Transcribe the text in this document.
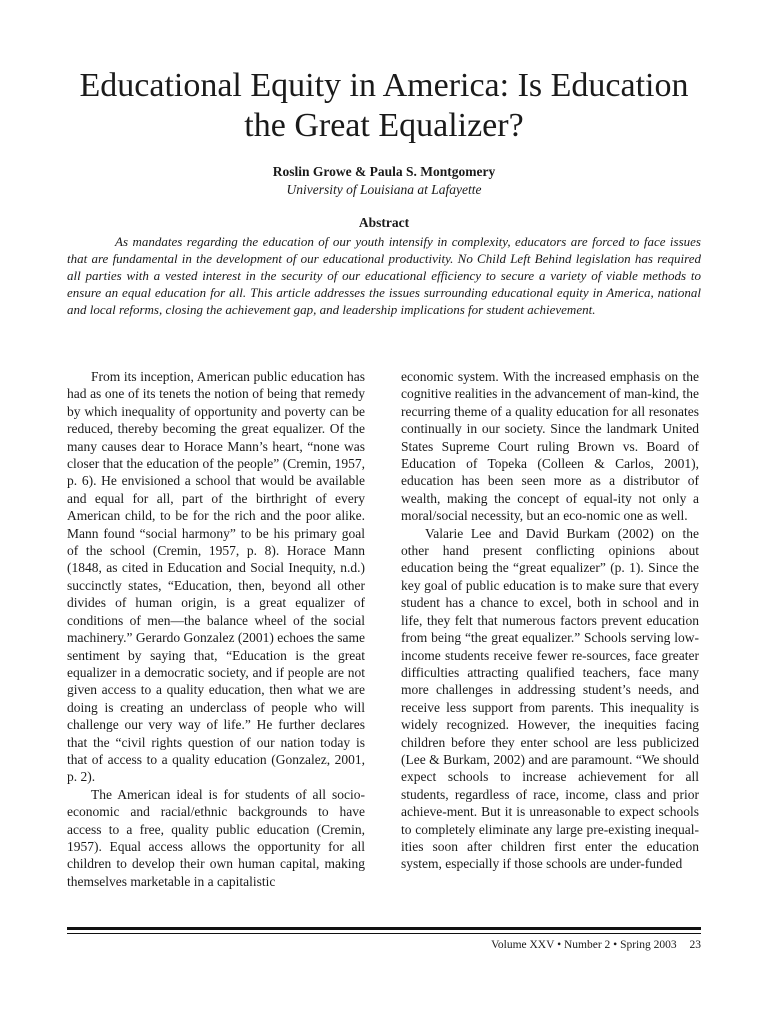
Educational Equity in America: Is Education the Great Equalizer?
Roslin Growe & Paula S. Montgomery
University of Louisiana at Lafayette
Abstract

As mandates regarding the education of our youth intensify in complexity, educators are forced to face issues that are fundamental in the development of our educational productivity. No Child Left Behind legislation has required all parties with a vested interest in the security of our educational efficiency to secure a variety of viable methods to ensure an equal education for all. This article addresses the issues surrounding educational equity in America, national and local reforms, closing the achievement gap, and leadership implications for student achievement.

From its inception, American public education has had as one of its tenets the notion of being that remedy by which inequality of opportunity and poverty can be reduced, thereby becoming the great equalizer. Of the many causes dear to Horace Mann’s heart, “none was closer that the education of the people” (Cremin, 1957, p. 6). He envisioned a school that would be available and equal for all, part of the birthright of every American child, to be for the rich and the poor alike. Mann found “social harmony” to be his primary goal of the school (Cremin, 1957, p. 8). Horace Mann (1848, as cited in Education and Social Inequity, n.d.) succinctly states, “Education, then, beyond all other divides of human origin, is a great equalizer of conditions of men—the balance wheel of the social machinery.” Gerardo Gonzalez (2001) echoes the same sentiment by saying that, “Education is the great equalizer in a democratic society, and if people are not given access to a quality education, then what we are doing is creating an underclass of people who will challenge our very way of life.” He further declares that the “civil rights question of our nation today is that of access to a quality education (Gonzalez, 2001, p. 2).

The American ideal is for students of all socio-economic and racial/ethnic backgrounds to have access to a free, quality public education (Cremin, 1957). Equal access allows the opportunity for all children to develop their own human capital, making themselves marketable in a capitalistic

economic system. With the increased emphasis on the cognitive realities in the advancement of man-kind, the recurring theme of a quality education for all resonates continually in our society. Since the landmark United States Supreme Court ruling Brown vs. Board of Education of Topeka (Colleen & Carlos, 2001), education has been seen more as a distributor of wealth, making the concept of equal-ity not only a moral/social necessity, but an eco-nomic one as well.

Valarie Lee and David Burkam (2002) on the other hand present conflicting opinions about education being the “great equalizer” (p. 1). Since the key goal of public education is to make sure that every student has a chance to excel, both in school and in life, they felt that numerous factors prevent education from being “the great equalizer.” Schools serving low-income students receive fewer re-sources, face greater difficulties attracting qualified teachers, face many more challenges in addressing student’s needs, and receive less support from parents. This inequality is widely recognized. However, the inequities facing children before they enter school are less publicized (Lee & Burkam, 2002) and are paramount. “We should expect schools to increase achievement for all students, regardless of race, income, class and prior achieve-ment. But it is unreasonable to expect schools to completely eliminate any large pre-existing inequal-ities soon after children first enter the education system, especially if those schools are under-funded

Volume XXV • Number 2 • Spring 2003 23
